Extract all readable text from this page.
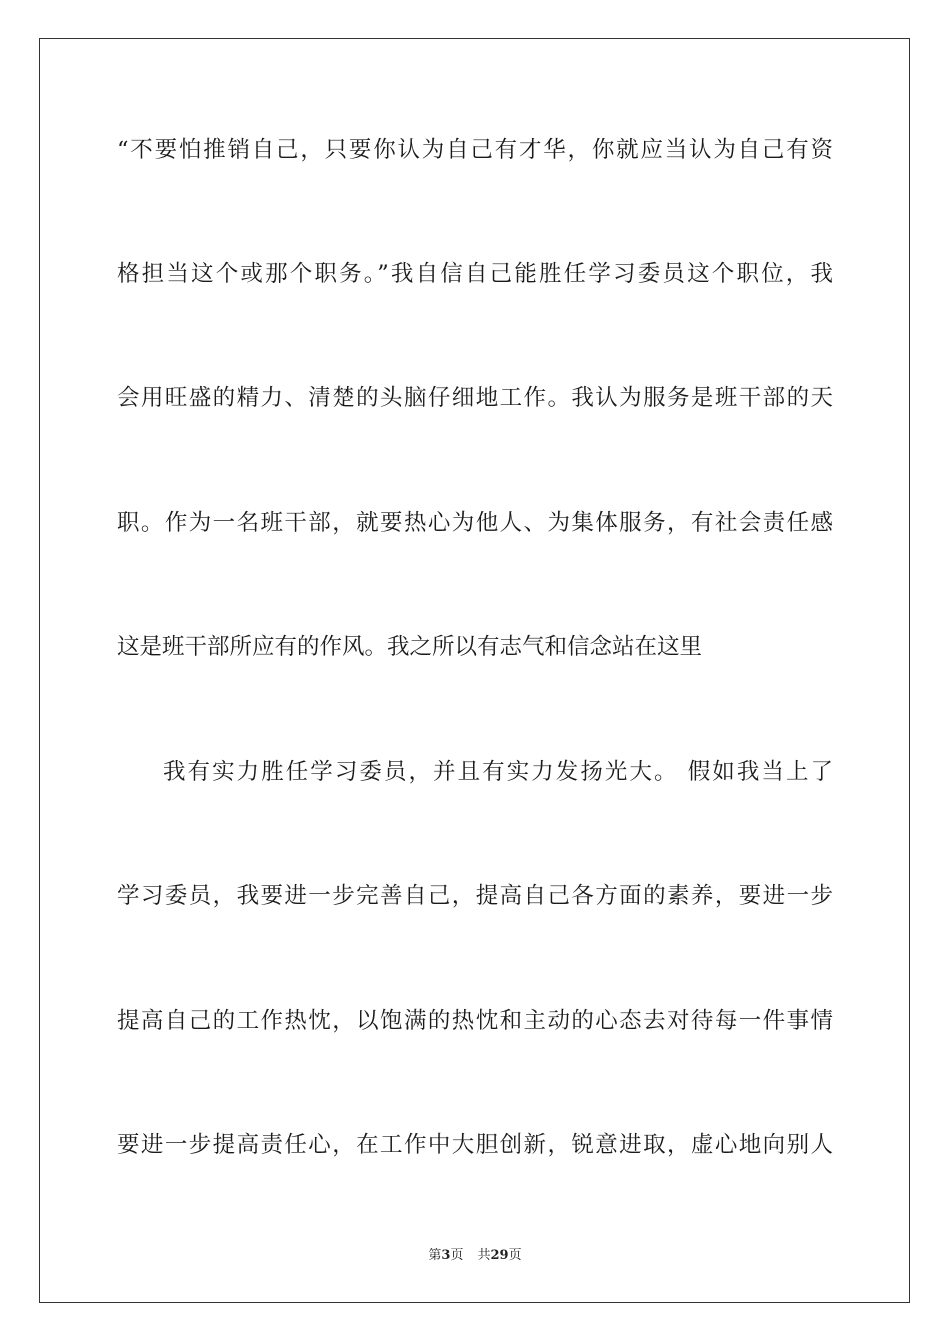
“不要怕推销自己，只要你认为自己有才华，你就应当认为自己有资
格担当这个或那个职务。”我自信自己能胜任学习委员这个职位，我
会用旺盛的精力、清楚的头脑仔细地工作。我认为服务是班干部的天
职。作为一名班干部，就要热心为他人、为集体服务，有社会责任感
这是班干部所应有的作风。我之所以有志气和信念站在这里
我有实力胜任学习委员，并且有实力发扬光大。 假如我当上了
学习委员，我要进一步完善自己，提高自己各方面的素养，要进一步
提高自己的工作热忱，以饱满的热忱和主动的心态去对待每一件事情
要进一步提高责任心，在工作中大胆创新，锐意进取，虚心地向别人
第3页 共29页
